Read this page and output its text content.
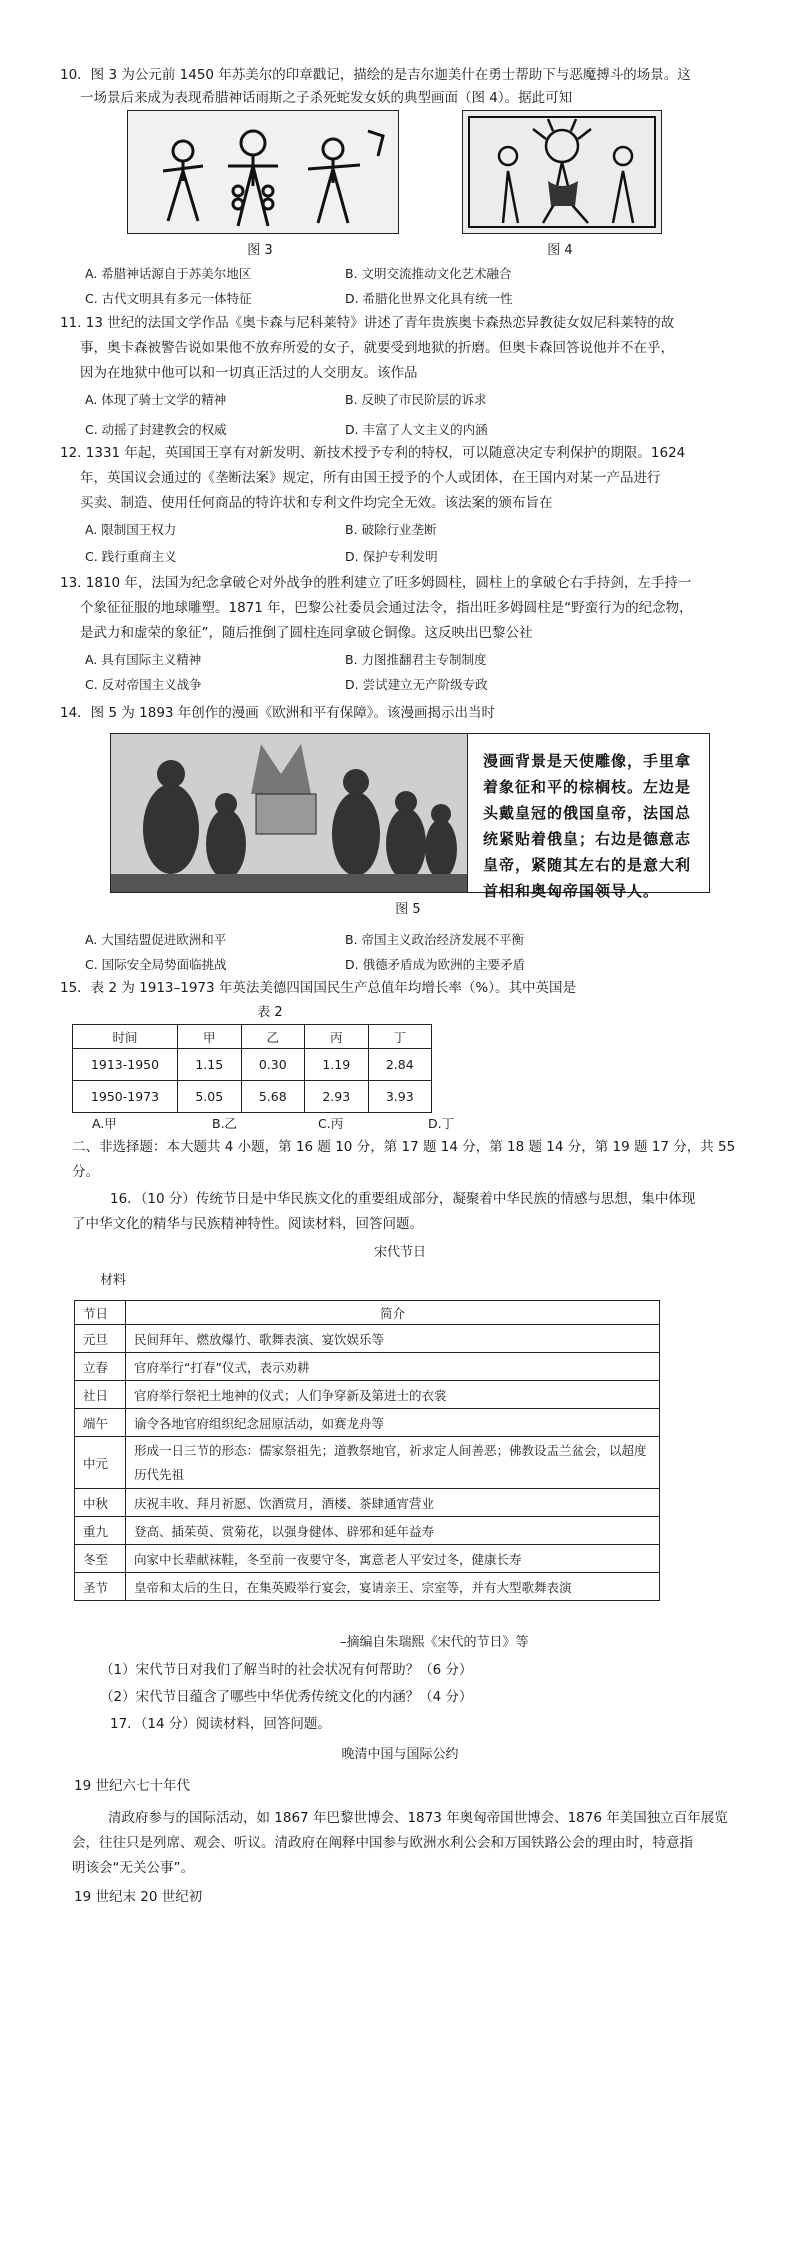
10．图 3 为公元前 1450 年苏美尔的印章戳记，描绘的是吉尔迦美什在勇士帮助下与恶魔搏斗的场景。这
一场景后来成为表现希腊神话雨斯之子杀死蛇发女妖的典型画面（图 4）。据此可知
图 3	图 4
A. 希腊神话源自于苏美尔地区	B. 文明交流推动文化艺术融合
C. 古代文明具有多元一体特征	D. 希腊化世界文化具有统一性
11. 13 世纪的法国文学作品《奥卡森与尼科莱特》讲述了青年贵族奥卡森热恋异教徒女奴尼科莱特的故
事，奥卡森被警告说如果他不放弃所爱的女子，就要受到地狱的折磨。但奥卡森回答说他并不在乎，
因为在地狱中他可以和一切真正活过的人交朋友。该作品
A. 体现了骑士文学的精神	B. 反映了市民阶层的诉求
C. 动摇了封建教会的权威	D. 丰富了人文主义的内涵
12. 1331 年起，英国国王享有对新发明、新技术授予专利的特权，可以随意决定专利保护的期限。1624
年，英国议会通过的《垄断法案》规定，所有由国王授予的个人或团体，在王国内对某一产品进行
买卖、制造、使用任何商品的特许状和专利文件均完全无效。该法案的颁布旨在
A. 限制国王权力	B. 破除行业垄断
C. 践行重商主义	D. 保护专利发明
13. 1810 年，法国为纪念拿破仑对外战争的胜利建立了旺多姆圆柱，圆柱上的拿破仑右手持剑，左手持一
个象征征服的地球雕塑。1871 年，巴黎公社委员会通过法令，指出旺多姆圆柱是“野蛮行为的纪念物，
是武力和虚荣的象征”，随后推倒了圆柱连同拿破仑铜像。这反映出巴黎公社
A. 具有国际主义精神	B. 力图推翻君主专制制度
C. 反对帝国主义战争	D. 尝试建立无产阶级专政
14．图 5 为 1893 年创作的漫画《欧洲和平有保障》。该漫画揭示出当时
漫画背景是天使雕像，手里拿着象征和平的棕榈枝。左边是头戴皇冠的俄国皇帝，法国总统紧贴着俄皇；右边是德意志皇帝，紧随其左右的是意大利首相和奥匈帝国领导人。
图 5
A. 大国结盟促进欧洲和平	B. 帝国主义政治经济发展不平衡
C. 国际安全局势面临挑战	D. 俄德矛盾成为欧洲的主要矛盾
15．表 2 为 1913–1973 年英法美德四国国民生产总值年均增长率（%）。其中英国是
表 2
时间	甲	乙	丙	丁
1913-1950	1.15	0.30	1.19	2.84
1950-1973	5.05	5.68	2.93	3.93
A.甲	B.乙	C.丙	D.丁
二、非选择题：本大题共 4 小题，第 16 题 10 分，第 17 题 14 分，第 18 题 14 分，第 19 题 17 分，共 55
分。
16．（10 分）传统节日是中华民族文化的重要组成部分，凝聚着中华民族的情感与思想，集中体现
了中华文化的精华与民族精神特性。阅读材料，回答问题。
宋代节日
材料
节日	简介
元旦	民间拜年、燃放爆竹、歌舞表演、宴饮娱乐等
立春	官府举行“打春”仪式，表示劝耕
社日	官府举行祭祀土地神的仪式；人们争穿新及第进士的衣裳
端午	谕令各地官府组织纪念屈原活动，如赛龙舟等
中元	形成一日三节的形态：儒家祭祖先；道教祭地官，祈求定人间善恶；佛教设盂兰盆会，以超度历代先祖
中秋	庆祝丰收、拜月祈愿、饮酒赏月，酒楼、茶肆通宵营业
重九	登高、插茱萸、赏菊花，以强身健体、辟邪和延年益寿
冬至	向家中长辈献袜鞋，冬至前一夜要守冬，寓意老人平安过冬，健康长寿
圣节	皇帝和太后的生日，在集英殿举行宴会，宴请亲王、宗室等，并有大型歌舞表演
–摘编自朱瑞熙《宋代的节日》等
（1）宋代节日对我们了解当时的社会状况有何帮助？（6 分）
（2）宋代节日蕴含了哪些中华优秀传统文化的内涵？（4 分）
17．（14 分）阅读材料，回答问题。
晚清中国与国际公约
19 世纪六七十年代
清政府参与的国际活动，如 1867 年巴黎世博会、1873 年奥匈帝国世博会、1876 年美国独立百年展览
会，往往只是列席、观会、听议。清政府在阐释中国参与欧洲水利公会和万国铁路公会的理由时，特意指
明该会“无关公事”。
19 世纪末 20 世纪初
